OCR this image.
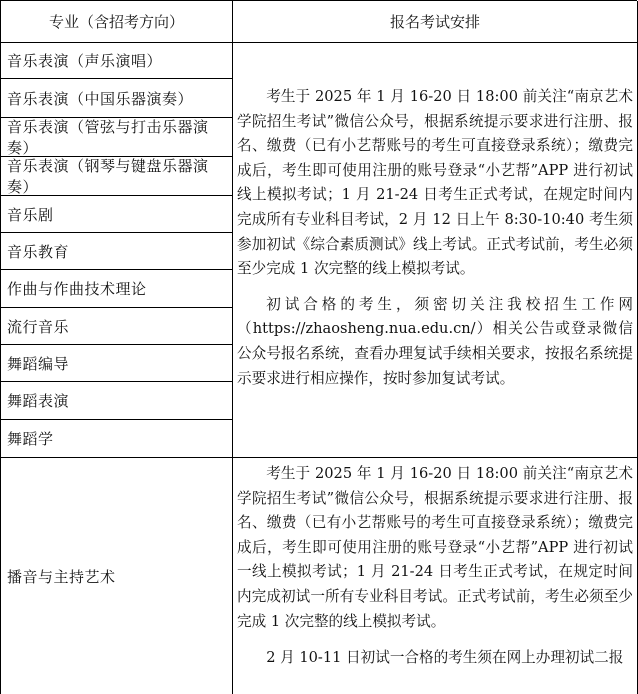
专业（含招考方向）	报名考试安排
音乐表演（声乐演唱）
音乐表演（中国乐器演奏）
音乐表演（管弦与打击乐器演奏）
音乐表演（钢琴与键盘乐器演奏）
音乐剧
音乐教育
作曲与作曲技术理论
流行音乐
舞蹈编导
舞蹈表演
舞蹈学

考生于 2025 年 1 月 16-20 日 18:00 前关注“南京艺术学院招生考试”微信公众号，根据系统提示要求进行注册、报名、缴费（已有小艺帮账号的考生可直接登录系统）；缴费完成后，考生即可使用注册的账号登录“小艺帮”APP 进行初试线上模拟考试；1 月 21-24 日考生正式考试，在规定时间内完成所有专业科目考试，2 月 12 日上午 8:30-10:40 考生须参加初试《综合素质测试》线上考试。正式考试前，考生必须至少完成 1 次完整的线上模拟考试。

初试合格的考生，须密切关注我校招生工作网（https://zhaosheng.nua.edu.cn/）相关公告或登录微信公众号报名系统，查看办理复试手续相关要求，按报名系统提示要求进行相应操作，按时参加复试考试。

播音与主持艺术

考生于 2025 年 1 月 16-20 日 18:00 前关注“南京艺术学院招生考试”微信公众号，根据系统提示要求进行注册、报名、缴费（已有小艺帮账号的考生可直接登录系统）；缴费完成后，考生即可使用注册的账号登录“小艺帮”APP 进行初试一线上模拟考试；1 月 21-24 日考生正式考试，在规定时间内完成初试一所有专业科目考试。正式考试前，考生必须至少完成 1 次完整的线上模拟考试。

2 月 10-11 日初试一合格的考生须在网上办理初试二报
